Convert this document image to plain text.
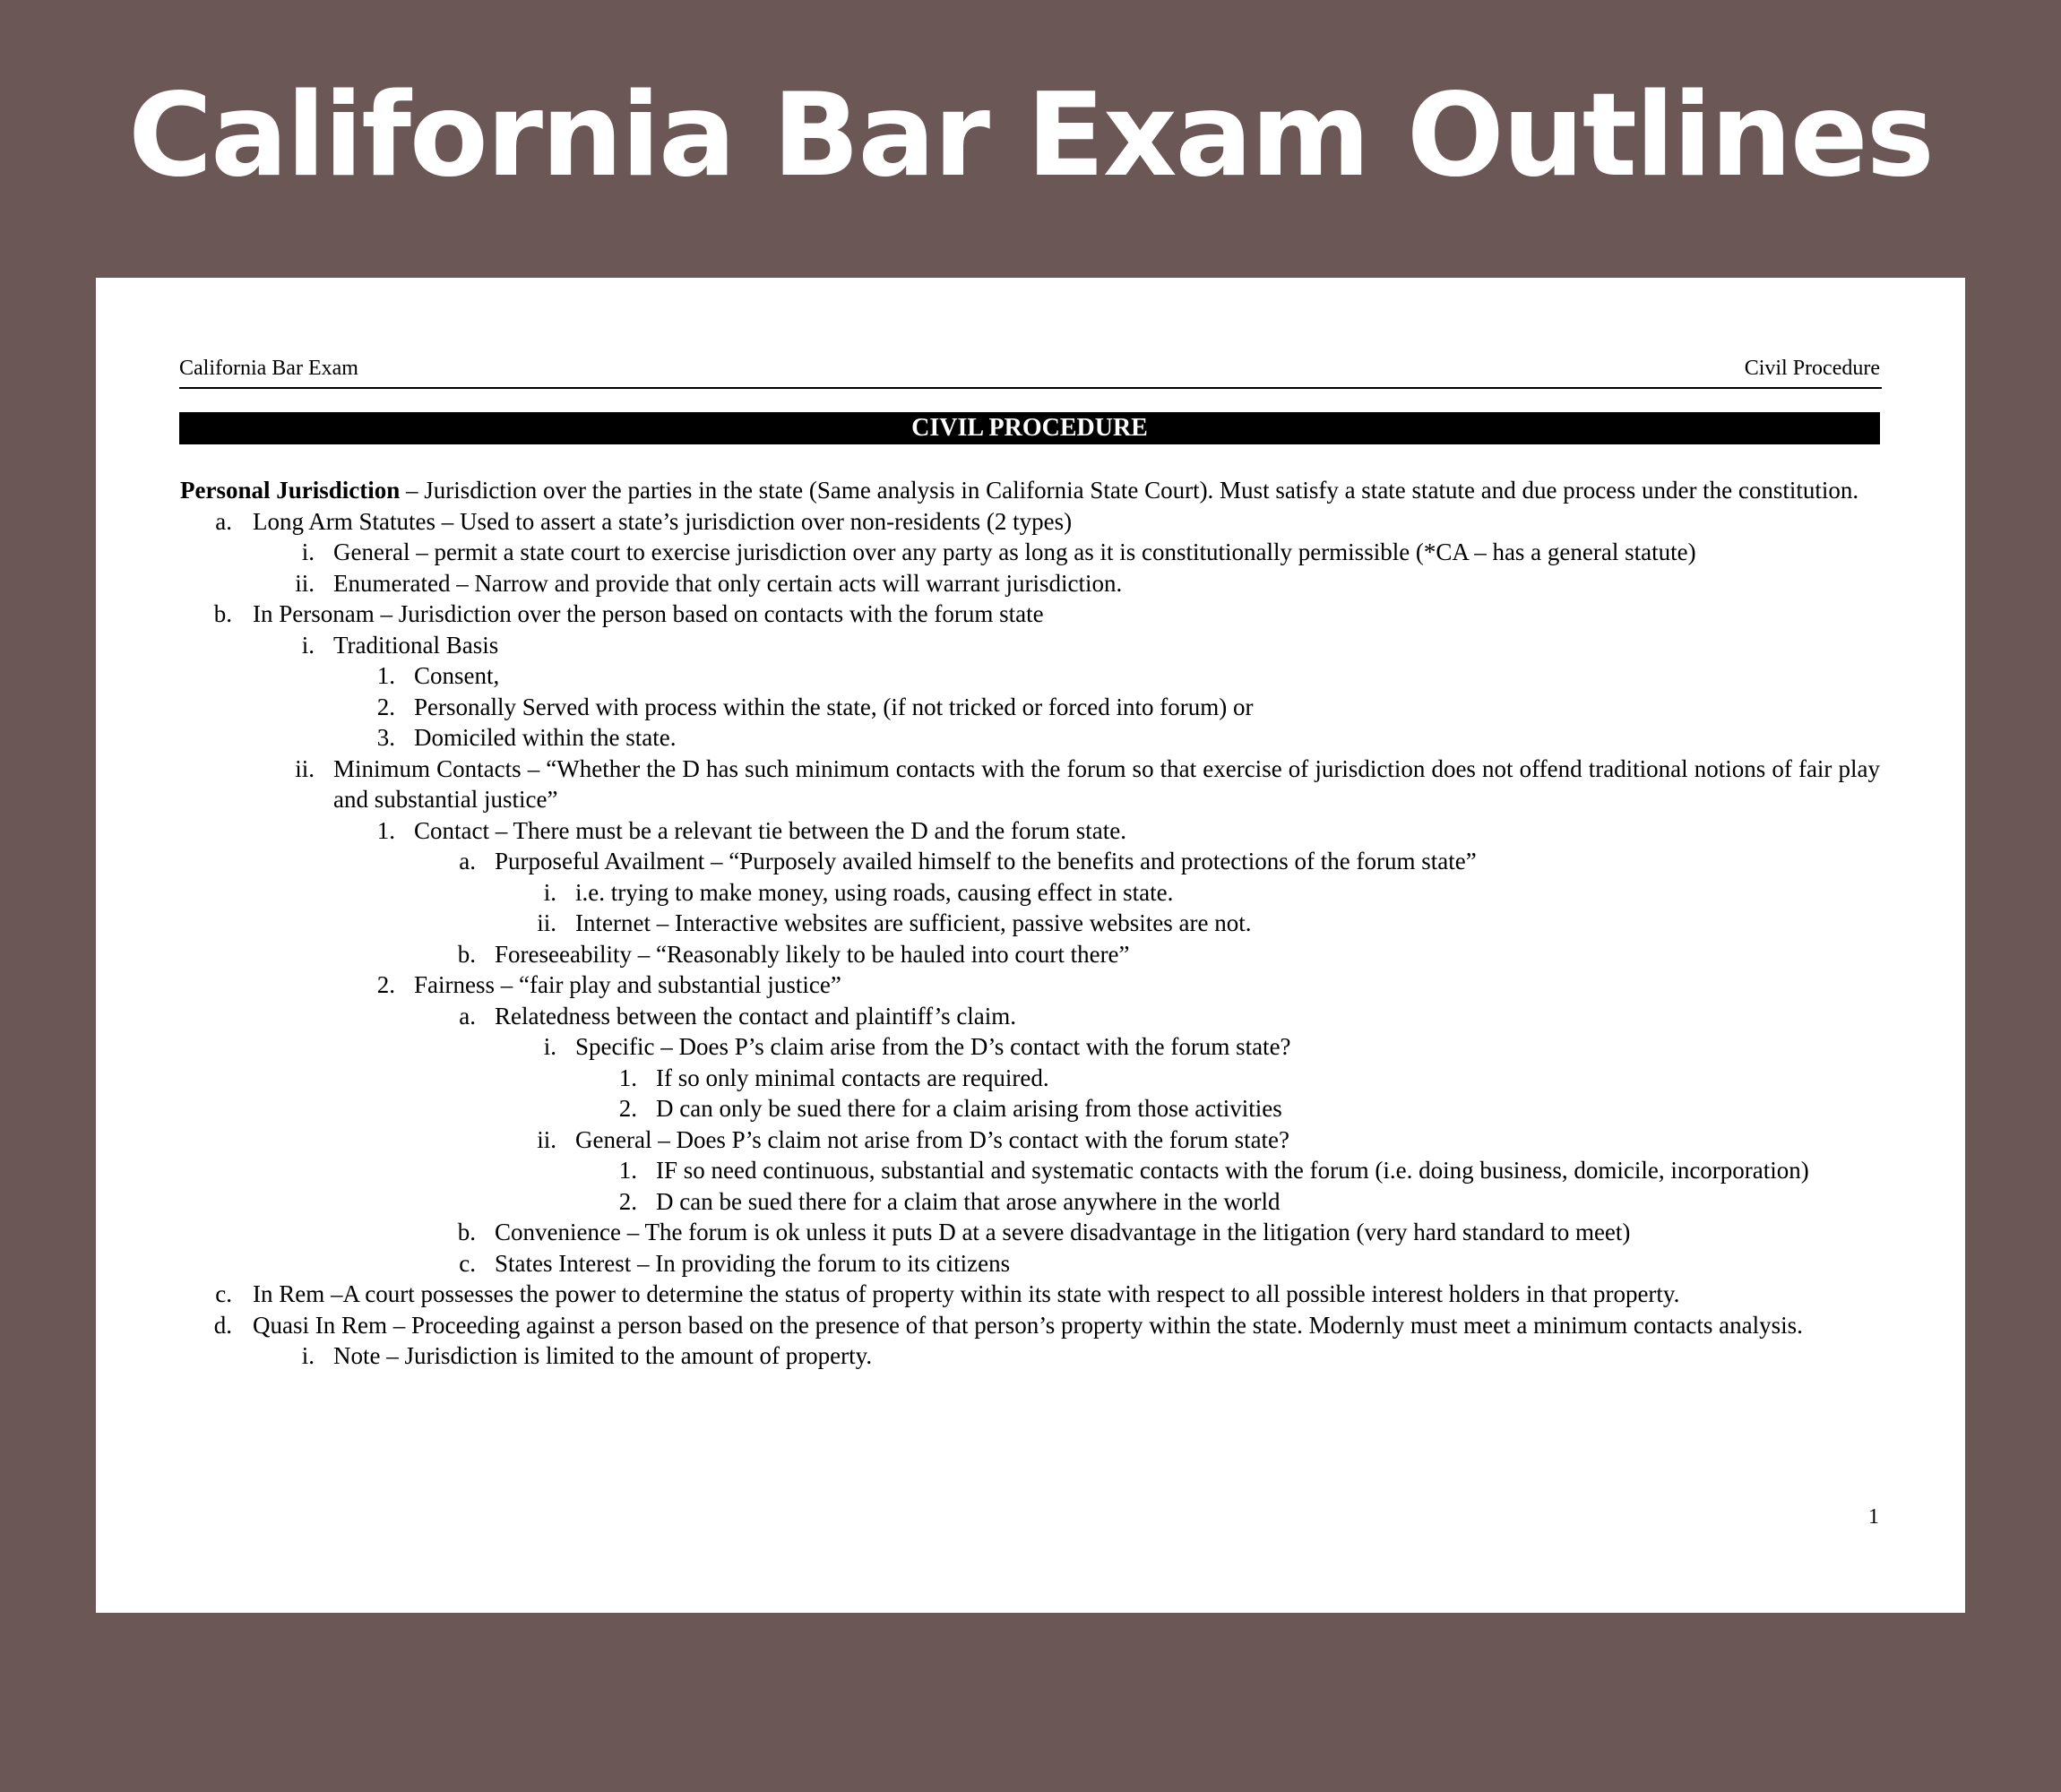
California Bar Exam Outlines
California Bar Exam	Civil Procedure
CIVIL PROCEDURE

Personal Jurisdiction – Jurisdiction over the parties in the state (Same analysis in California State Court). Must satisfy a state statute and due process under the constitution.

a. Long Arm Statutes – Used to assert a state’s jurisdiction over non-residents (2 types)
i. General – permit a state court to exercise jurisdiction over any party as long as it is constitutionally permissible (*CA – has a general statute)
ii. Enumerated – Narrow and provide that only certain acts will warrant jurisdiction.
b. In Personam – Jurisdiction over the person based on contacts with the forum state
i. Traditional Basis
1. Consent,
2. Personally Served with process within the state, (if not tricked or forced into forum) or
3. Domiciled within the state.
ii. Minimum Contacts – “Whether the D has such minimum contacts with the forum so that exercise of jurisdiction does not offend traditional notions of fair play and substantial justice”
1. Contact – There must be a relevant tie between the D and the forum state.
a. Purposeful Availment – “Purposely availed himself to the benefits and protections of the forum state”
i. i.e. trying to make money, using roads, causing effect in state.
ii. Internet – Interactive websites are sufficient, passive websites are not.
b. Foreseeability – “Reasonably likely to be hauled into court there”
2. Fairness – “fair play and substantial justice”
a. Relatedness between the contact and plaintiff’s claim.
i. Specific – Does P’s claim arise from the D’s contact with the forum state?
1. If so only minimal contacts are required.
2. D can only be sued there for a claim arising from those activities
ii. General – Does P’s claim not arise from D’s contact with the forum state?
1. IF so need continuous, substantial and systematic contacts with the forum (i.e. doing business, domicile, incorporation)
2. D can be sued there for a claim that arose anywhere in the world
b. Convenience – The forum is ok unless it puts D at a severe disadvantage in the litigation (very hard standard to meet)
c. States Interest – In providing the forum to its citizens
c. In Rem –A court possesses the power to determine the status of property within its state with respect to all possible interest holders in that property.
d. Quasi In Rem – Proceeding against a person based on the presence of that person’s property within the state. Modernly must meet a minimum contacts analysis.
i. Note – Jurisdiction is limited to the amount of property.
1
